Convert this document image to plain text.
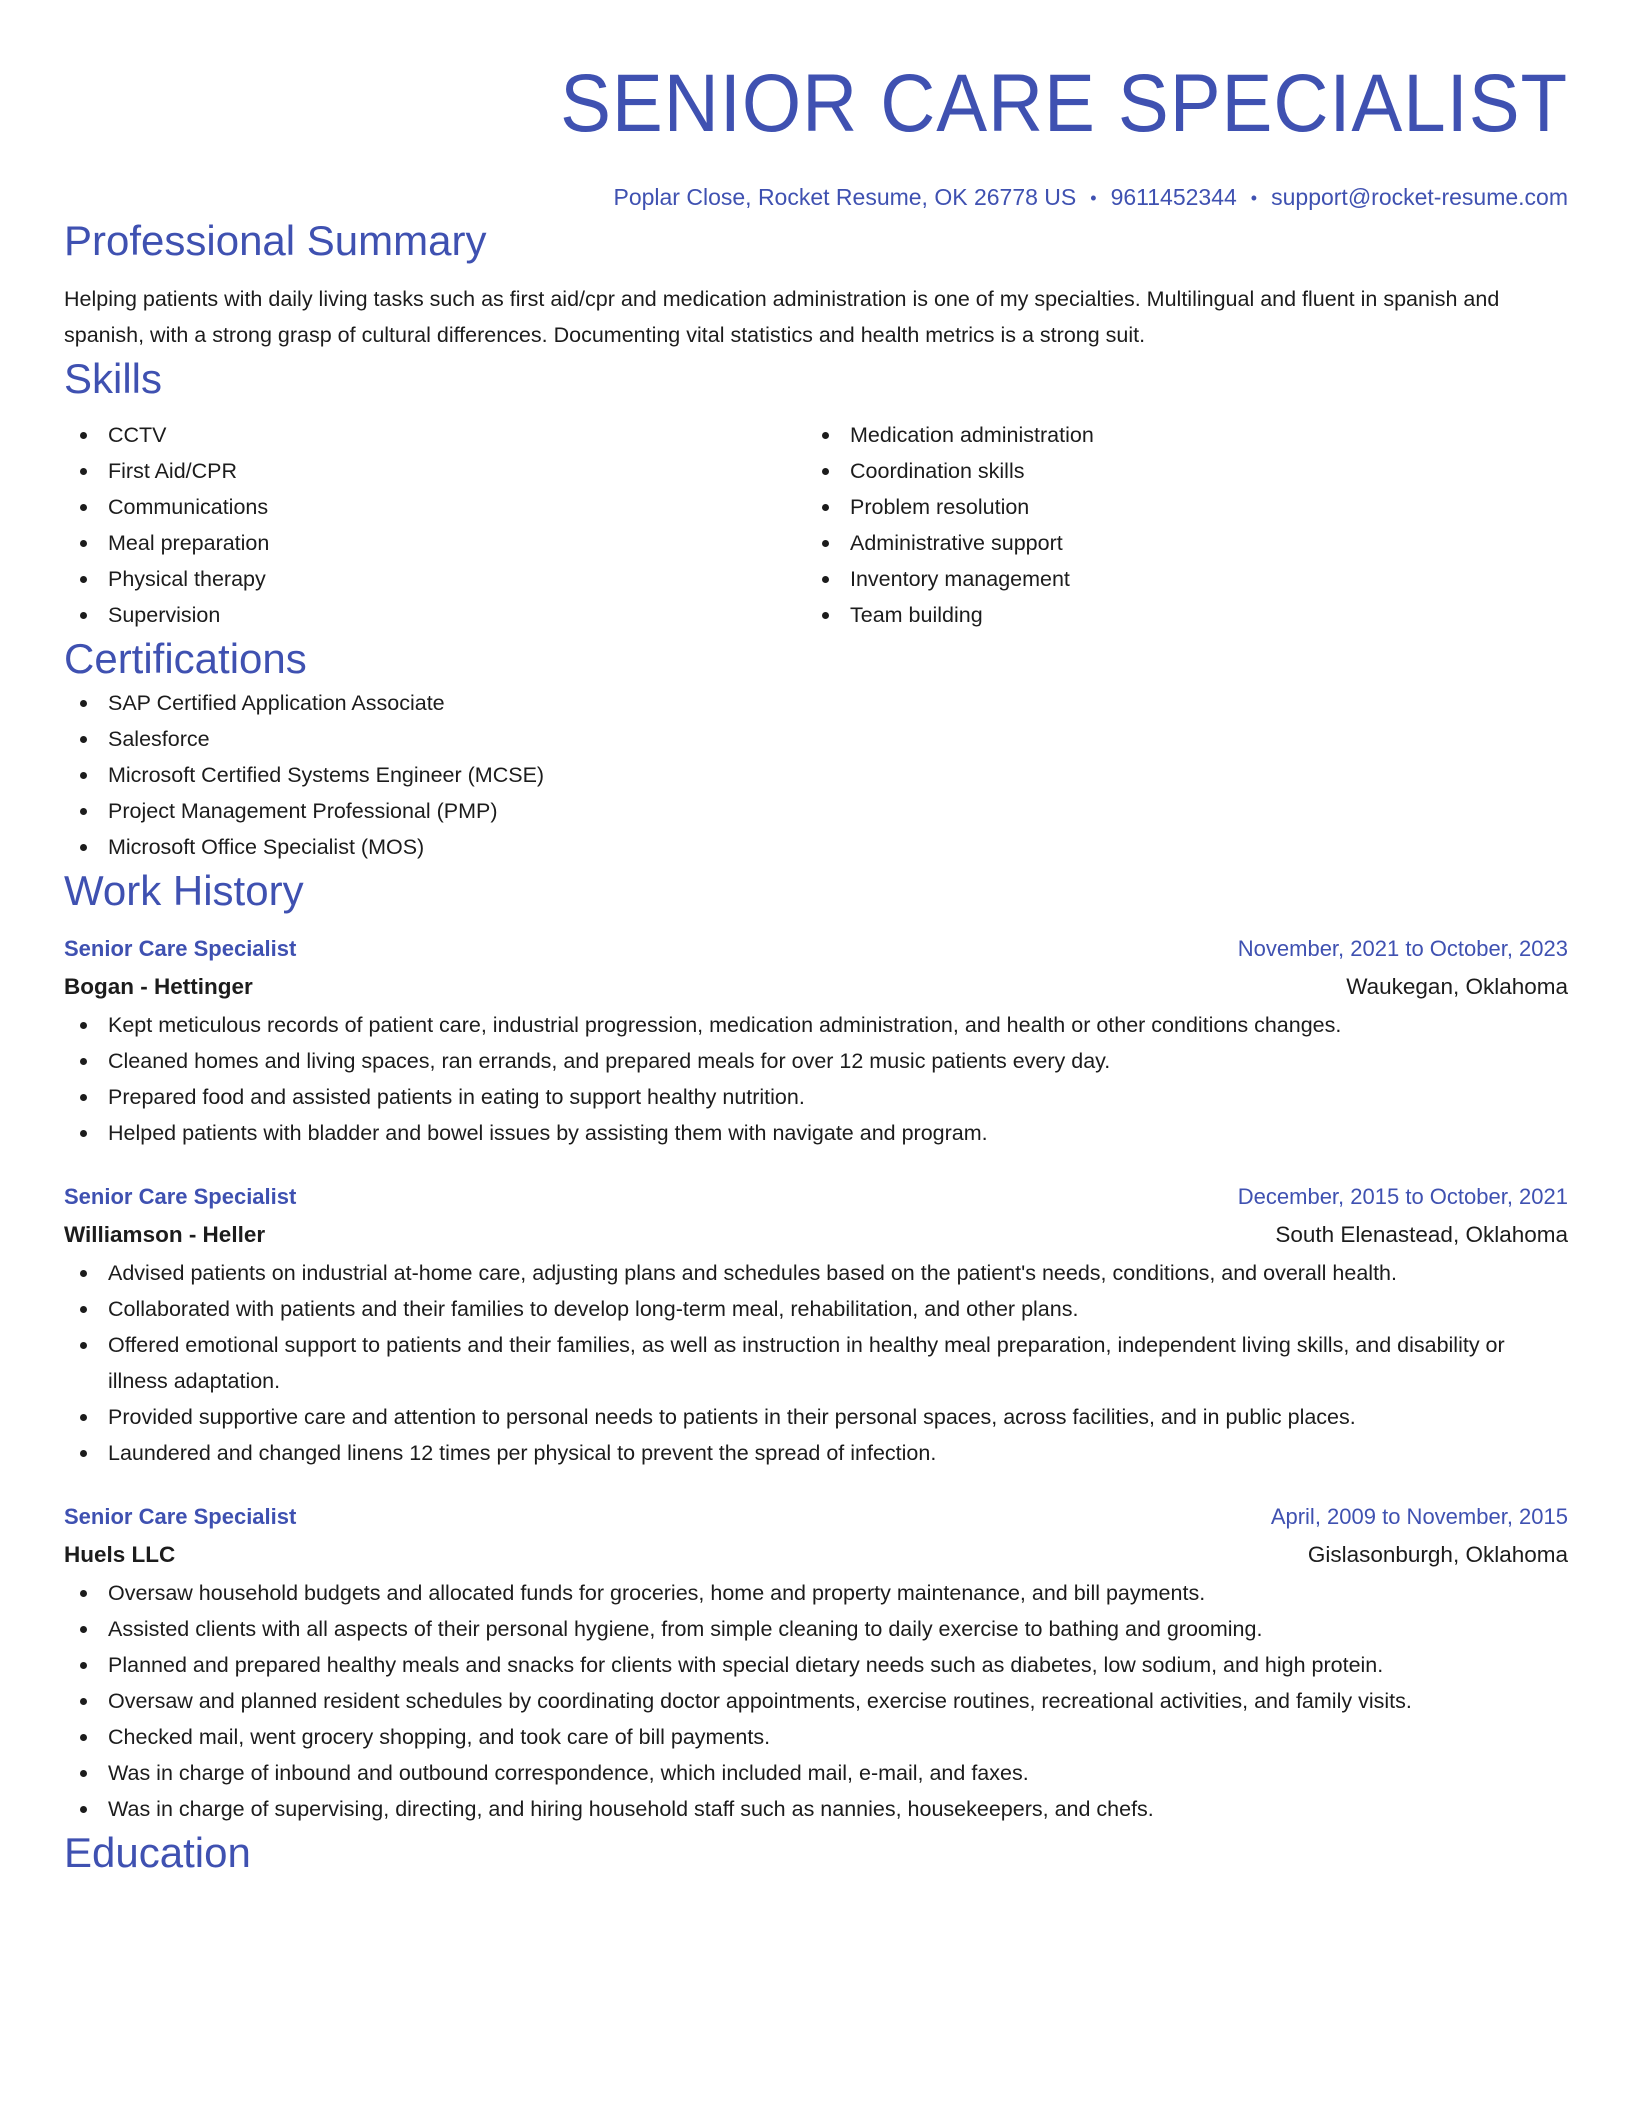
SENIOR CARE SPECIALIST
Poplar Close, Rocket Resume, OK 26778 US • 9611452344 • support@rocket-resume.com
Professional Summary

Helping patients with daily living tasks such as first aid/cpr and medication administration is one of my specialties. Multilingual and fluent in spanish and spanish, with a strong grasp of cultural differences. Documenting vital statistics and health metrics is a strong suit.

Skills
CCTV
First Aid/CPR
Communications
Meal preparation
Physical therapy
Supervision
Medication administration
Coordination skills
Problem resolution
Administrative support
Inventory management
Team building
Certifications
SAP Certified Application Associate
Salesforce
Microsoft Certified Systems Engineer (MCSE)
Project Management Professional (PMP)
Microsoft Office Specialist (MOS)
Work History
Senior Care Specialist	November, 2021 to October, 2023
Bogan - Hettinger	Waukegan, Oklahoma
Kept meticulous records of patient care, industrial progression, medication administration, and health or other conditions changes.
Cleaned homes and living spaces, ran errands, and prepared meals for over 12 music patients every day.
Prepared food and assisted patients in eating to support healthy nutrition.
Helped patients with bladder and bowel issues by assisting them with navigate and program.
Senior Care Specialist	December, 2015 to October, 2021
Williamson - Heller	South Elenastead, Oklahoma
Advised patients on industrial at-home care, adjusting plans and schedules based on the patient's needs, conditions, and overall health.
Collaborated with patients and their families to develop long-term meal, rehabilitation, and other plans.
Offered emotional support to patients and their families, as well as instruction in healthy meal preparation, independent living skills, and disability or illness adaptation.
Provided supportive care and attention to personal needs to patients in their personal spaces, across facilities, and in public places.
Laundered and changed linens 12 times per physical to prevent the spread of infection.
Senior Care Specialist	April, 2009 to November, 2015
Huels LLC	Gislasonburgh, Oklahoma
Oversaw household budgets and allocated funds for groceries, home and property maintenance, and bill payments.
Assisted clients with all aspects of their personal hygiene, from simple cleaning to daily exercise to bathing and grooming.
Planned and prepared healthy meals and snacks for clients with special dietary needs such as diabetes, low sodium, and high protein.
Oversaw and planned resident schedules by coordinating doctor appointments, exercise routines, recreational activities, and family visits.
Checked mail, went grocery shopping, and took care of bill payments.
Was in charge of inbound and outbound correspondence, which included mail, e-mail, and faxes.
Was in charge of supervising, directing, and hiring household staff such as nannies, housekeepers, and chefs.
Education
